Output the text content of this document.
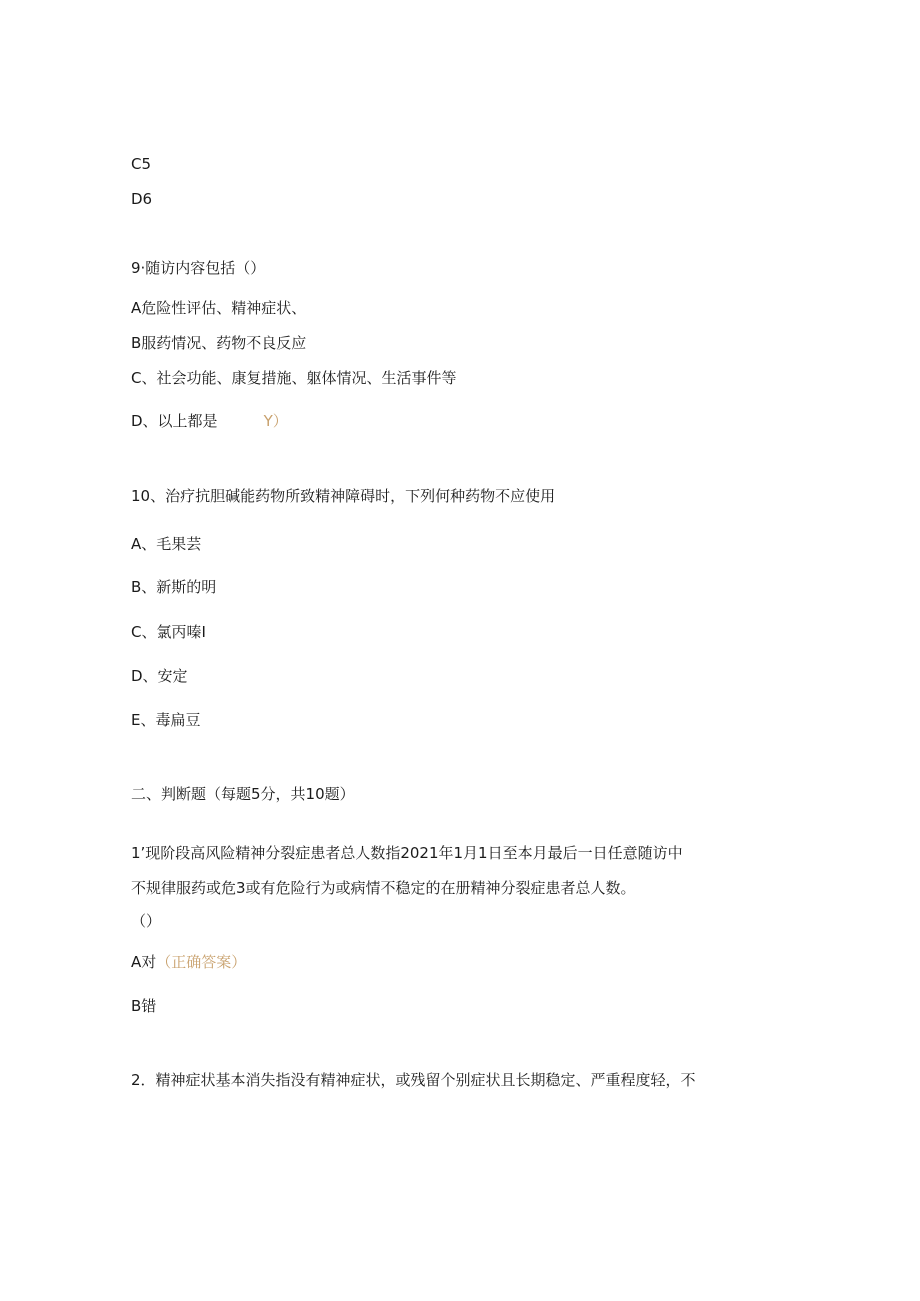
C5
D6
9·随访内容包括（）
A危险性评估、精神症状、
B服药情况、药物不良反应
C、社会功能、康复措施、躯体情况、生活事件等
D、以上都是	Y）
10、治疗抗胆碱能药物所致精神障碍时，下列何种药物不应使用
A、毛果芸
B、新斯的明
C、氯丙嗪I
D、安定
E、毒扁豆
二、判断题（每题5分，共10题）
1’现阶段高风险精神分裂症患者总人数指2021年1月1日至本月最后一日任意随访中
不规律服药或危3或有危险行为或病情不稳定的在册精神分裂症患者总人数。
（）
A对（正确答案）
B错
2．精神症状基本消失指没有精神症状，或残留个别症状且长期稳定、严重程度轻，不
